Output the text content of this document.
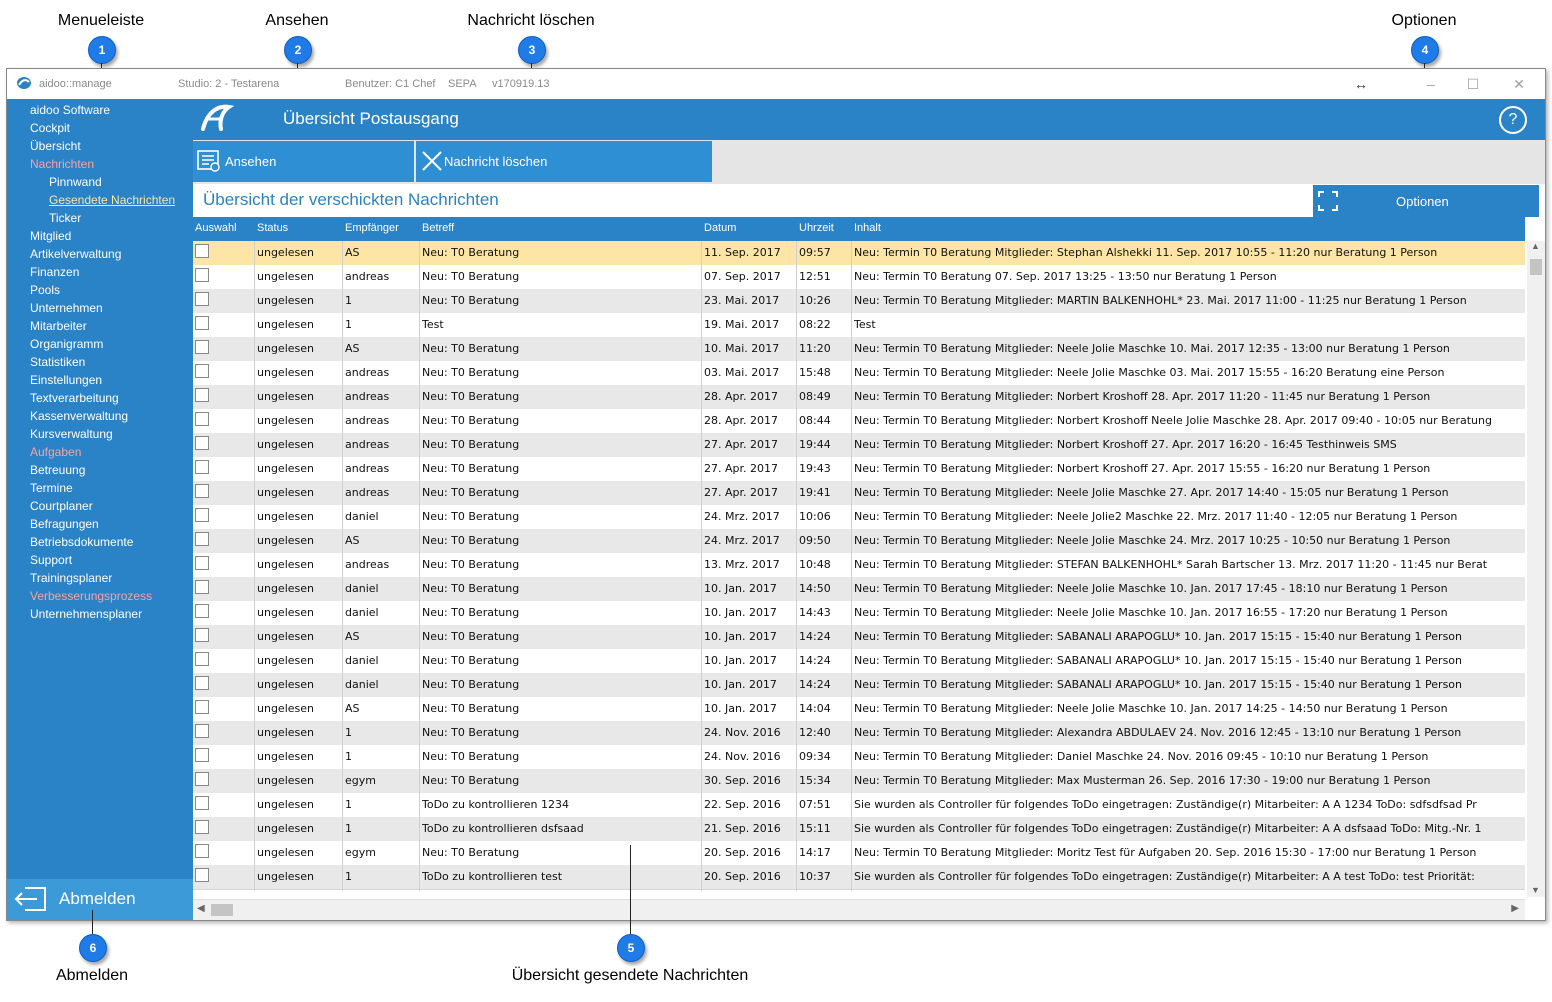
Menueleiste
1
Ansehen
2
Nachricht löschen
3
Optionen
4
aidoo::manage	Studio: 2 - Testarena	Benutzer: C1 Chef SEPA v170919.13	↔	–	☐ ✕
aidoo Software
Cockpit
Übersicht
Nachrichten
Pinnwand
Gesendete Nachrichten
Ticker
Mitglied
Artikelverwaltung
Finanzen
Pools
Unternehmen
Mitarbeiter
Organigramm
Statistiken
Einstellungen
Textverarbeitung
Kassenverwaltung
Kursverwaltung
Aufgaben
Betreuung
Termine
Courtplaner
Befragungen
Betriebsdokumente
Support
Trainingsplaner
Verbesserungsprozess
Unternehmensplaner
Abmelden
Übersicht Postausgang	?
Ansehen	Nachricht löschen
Übersicht der verschickten Nachrichten	Optionen
Auswahl Status	Empfänger Betreff	Datum	Uhrzeit Inhalt
ungelesen	AS	Neu: T0 Beratung	11. Sep. 2017	09:57	Neu: Termin T0 Beratung Mitglieder: Stephan Alshekki 11. Sep. 2017 10:55 - 11:20 nur Beratung 1 Person
ungelesen	andreas	Neu: T0 Beratung	07. Sep. 2017	12:51	Neu: Termin T0 Beratung 07. Sep. 2017 13:25 - 13:50 nur Beratung 1 Person
ungelesen	1	Neu: T0 Beratung	23. Mai. 2017	10:26	Neu: Termin T0 Beratung Mitglieder: MARTIN BALKENHOHL* 23. Mai. 2017 11:00 - 11:25 nur Beratung 1 Person
ungelesen	1	Test	19. Mai. 2017	08:22	Test
ungelesen	AS	Neu: T0 Beratung	10. Mai. 2017	11:20	Neu: Termin T0 Beratung Mitglieder: Neele Jolie Maschke 10. Mai. 2017 12:35 - 13:00 nur Beratung 1 Person
ungelesen	andreas	Neu: T0 Beratung	03. Mai. 2017	15:48	Neu: Termin T0 Beratung Mitglieder: Neele Jolie Maschke 03. Mai. 2017 15:55 - 16:20 Beratung eine Person
ungelesen	andreas	Neu: T0 Beratung	28. Apr. 2017	08:49	Neu: Termin T0 Beratung Mitglieder: Norbert Kroshoff 28. Apr. 2017 11:20 - 11:45 nur Beratung 1 Person
ungelesen	andreas	Neu: T0 Beratung	28. Apr. 2017	08:44	Neu: Termin T0 Beratung Mitglieder: Norbert Kroshoff Neele Jolie Maschke 28. Apr. 2017 09:40 - 10:05 nur Beratung
ungelesen	andreas	Neu: T0 Beratung	27. Apr. 2017	19:44	Neu: Termin T0 Beratung Mitglieder: Norbert Kroshoff 27. Apr. 2017 16:20 - 16:45 Testhinweis SMS
ungelesen	andreas	Neu: T0 Beratung	27. Apr. 2017	19:43	Neu: Termin T0 Beratung Mitglieder: Norbert Kroshoff 27. Apr. 2017 15:55 - 16:20 nur Beratung 1 Person
ungelesen	andreas	Neu: T0 Beratung	27. Apr. 2017	19:41	Neu: Termin T0 Beratung Mitglieder: Neele Jolie Maschke 27. Apr. 2017 14:40 - 15:05 nur Beratung 1 Person
ungelesen	daniel	Neu: T0 Beratung	24. Mrz. 2017	10:06	Neu: Termin T0 Beratung Mitglieder: Neele Jolie2 Maschke 22. Mrz. 2017 11:40 - 12:05 nur Beratung 1 Person
ungelesen	AS	Neu: T0 Beratung	24. Mrz. 2017	09:50	Neu: Termin T0 Beratung Mitglieder: Neele Jolie Maschke 24. Mrz. 2017 10:25 - 10:50 nur Beratung 1 Person
ungelesen	andreas	Neu: T0 Beratung	13. Mrz. 2017	10:48	Neu: Termin T0 Beratung Mitglieder: STEFAN BALKENHOHL* Sarah Bartscher 13. Mrz. 2017 11:20 - 11:45 nur Berat
ungelesen	daniel	Neu: T0 Beratung	10. Jan. 2017	14:50	Neu: Termin T0 Beratung Mitglieder: Neele Jolie Maschke 10. Jan. 2017 17:45 - 18:10 nur Beratung 1 Person
ungelesen	daniel	Neu: T0 Beratung	10. Jan. 2017	14:43	Neu: Termin T0 Beratung Mitglieder: Neele Jolie Maschke 10. Jan. 2017 16:55 - 17:20 nur Beratung 1 Person
ungelesen	AS	Neu: T0 Beratung	10. Jan. 2017	14:24	Neu: Termin T0 Beratung Mitglieder: SABANALI ARAPOGLU* 10. Jan. 2017 15:15 - 15:40 nur Beratung 1 Person
ungelesen	daniel	Neu: T0 Beratung	10. Jan. 2017	14:24	Neu: Termin T0 Beratung Mitglieder: SABANALI ARAPOGLU* 10. Jan. 2017 15:15 - 15:40 nur Beratung 1 Person
ungelesen	daniel	Neu: T0 Beratung	10. Jan. 2017	14:24	Neu: Termin T0 Beratung Mitglieder: SABANALI ARAPOGLU* 10. Jan. 2017 15:15 - 15:40 nur Beratung 1 Person
ungelesen	AS	Neu: T0 Beratung	10. Jan. 2017	14:04	Neu: Termin T0 Beratung Mitglieder: Neele Jolie Maschke 10. Jan. 2017 14:25 - 14:50 nur Beratung 1 Person
ungelesen	1	Neu: T0 Beratung	24. Nov. 2016	12:40	Neu: Termin T0 Beratung Mitglieder: Alexandra ABDULAEV 24. Nov. 2016 12:45 - 13:10 nur Beratung 1 Person
ungelesen	1	Neu: T0 Beratung	24. Nov. 2016	09:34	Neu: Termin T0 Beratung Mitglieder: Daniel Maschke 24. Nov. 2016 09:45 - 10:10 nur Beratung 1 Person
ungelesen	egym	Neu: T0 Beratung	30. Sep. 2016	15:34	Neu: Termin T0 Beratung Mitglieder: Max Musterman 26. Sep. 2016 17:30 - 19:00 nur Beratung 1 Person
ungelesen	1	ToDo zu kontrollieren 1234	22. Sep. 2016	07:51	Sie wurden als Controller für folgendes ToDo eingetragen: Zuständige(r) Mitarbeiter: A A 1234 ToDo: sdfsdfsad Pr
ungelesen	1	ToDo zu kontrollieren dsfsaad	21. Sep. 2016	15:11	Sie wurden als Controller für folgendes ToDo eingetragen: Zuständige(r) Mitarbeiter: A A dsfsaad ToDo: Mitg.-Nr. 1
ungelesen	egym	Neu: T0 Beratung	20. Sep. 2016	14:17	Neu: Termin T0 Beratung Mitglieder: Moritz Test für Aufgaben 20. Sep. 2016 15:30 - 17:00 nur Beratung 1 Person
ungelesen	1	ToDo zu kontrollieren test	20. Sep. 2016	10:37	Sie wurden als Controller für folgendes ToDo eingetragen: Zuständige(r) Mitarbeiter: A A test ToDo: test Priorität:
▲
▼
◀	▶
6
Abmelden
5
Übersicht gesendete Nachrichten
